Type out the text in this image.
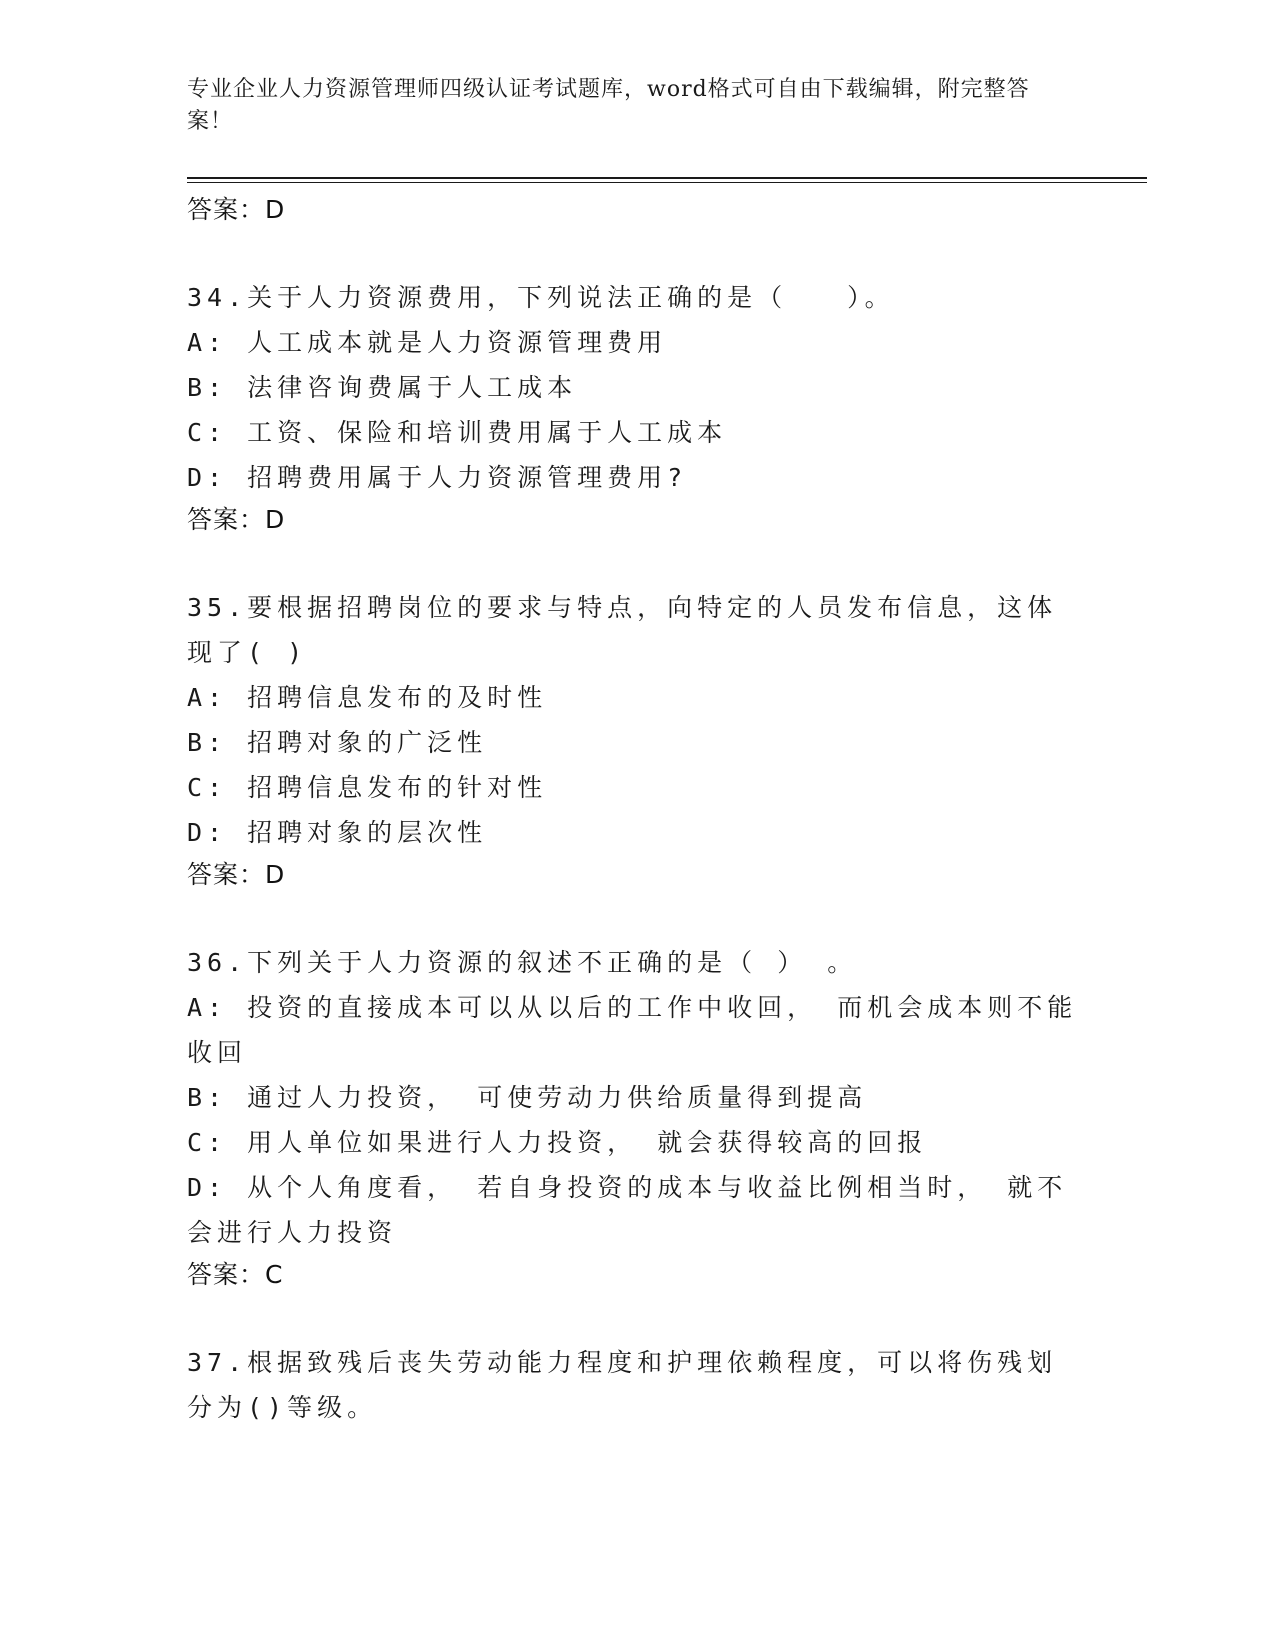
专业企业人力资源管理师四级认证考试题库，word格式可自由下载编辑，附完整答案！
答案：D
34.关于人力资源费用，下列说法正确的是（　　）。
A: 人工成本就是人力资源管理费用
B: 法律咨询费属于人工成本
C: 工资、保险和培训费用属于人工成本
D: 招聘费用属于人力资源管理费用?
答案：D
35.要根据招聘岗位的要求与特点，向特定的人员发布信息，这体现了( )
A: 招聘信息发布的及时性
B: 招聘对象的广泛性
C: 招聘信息发布的针对性
D: 招聘对象的层次性
答案：D
36.下列关于人力资源的叙述不正确的是（ ） 。
A: 投资的直接成本可以从以后的工作中收回， 而机会成本则不能收回
B: 通过人力投资， 可使劳动力供给质量得到提高
C: 用人单位如果进行人力投资， 就会获得较高的回报
D: 从个人角度看， 若自身投资的成本与收益比例相当时， 就不会进行人力投资
答案：C
37.根据致残后丧失劳动能力程度和护理依赖程度，可以将伤残划分为()等级。
